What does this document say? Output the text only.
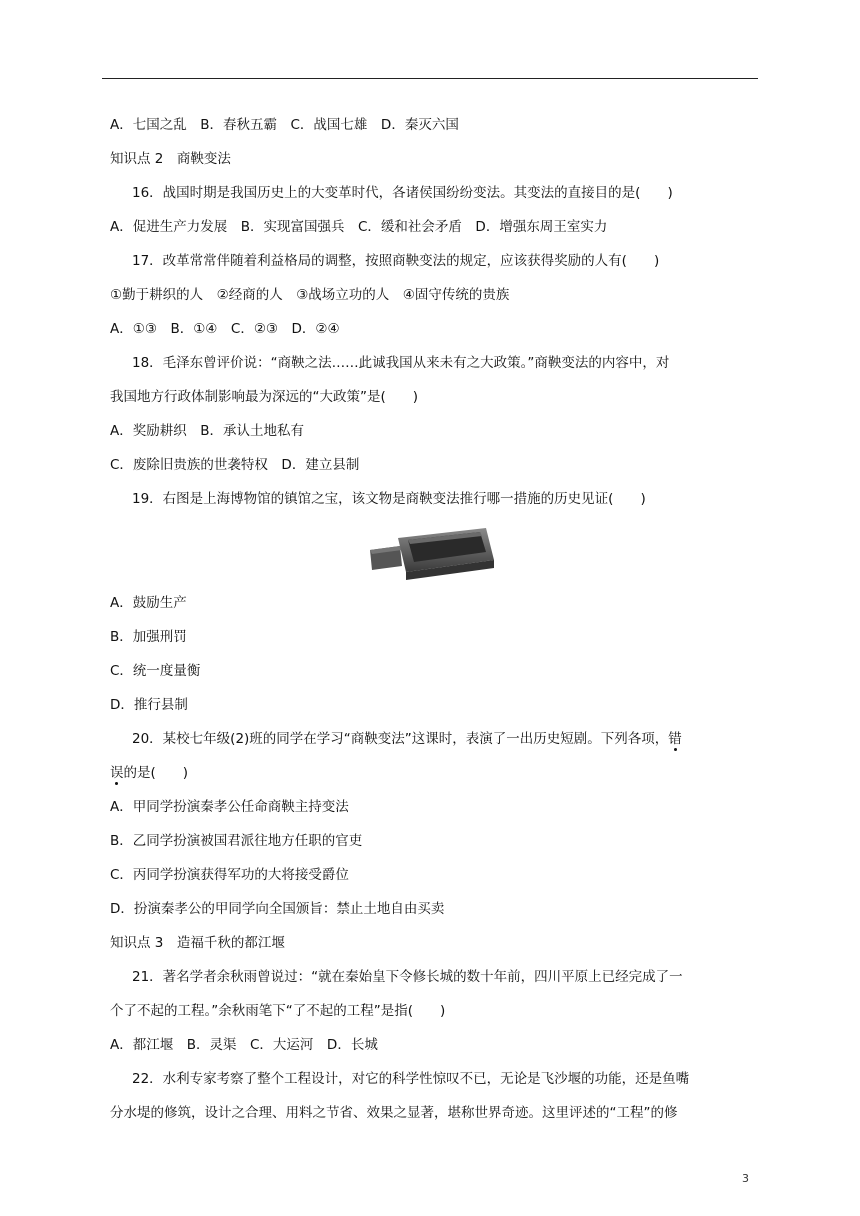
A．七国之乱　B．春秋五霸　C．战国七雄　D．秦灭六国
知识点 2　商鞅变法
16．战国时期是我国历史上的大变革时代，各诸侯国纷纷变法。其变法的直接目的是(　　)
A．促进生产力发展　B．实现富国强兵　C．缓和社会矛盾　D．增强东周王室实力
17．改革常常伴随着利益格局的调整，按照商鞅变法的规定，应该获得奖励的人有(　　)
①勤于耕织的人　②经商的人　③战场立功的人　④固守传统的贵族
A．①③　B．①④　C．②③　D．②④
18．毛泽东曾评价说：“商鞅之法……此诚我国从来未有之大政策。”商鞅变法的内容中，对
我国地方行政体制影响最为深远的“大政策”是(　　)
A．奖励耕织　B．承认土地私有
C．废除旧贵族的世袭特权　D．建立县制
19．右图是上海博物馆的镇馆之宝，该文物是商鞅变法推行哪一措施的历史见证(　　)
A．鼓励生产
B．加强刑罚
C．统一度量衡
D．推行县制
20．某校七年级(2)班的同学在学习“商鞅变法”这课时，表演了一出历史短剧。下列各项，错
误的是(　　)
A．甲同学扮演秦孝公任命商鞅主持变法
B．乙同学扮演被国君派往地方任职的官吏
C．丙同学扮演获得军功的大将接受爵位
D．扮演秦孝公的甲同学向全国颁旨：禁止土地自由买卖
知识点 3　造福千秋的都江堰
21．著名学者余秋雨曾说过：“就在秦始皇下令修长城的数十年前，四川平原上已经完成了一
个了不起的工程。”余秋雨笔下“了不起的工程”是指(　　)
A．都江堰　B．灵渠　C．大运河　D．长城
22．水利专家考察了整个工程设计，对它的科学性惊叹不已，无论是飞沙堰的功能，还是鱼嘴
分水堤的修筑，设计之合理、用料之节省、效果之显著，堪称世界奇迹。这里评述的“工程”的修
3
